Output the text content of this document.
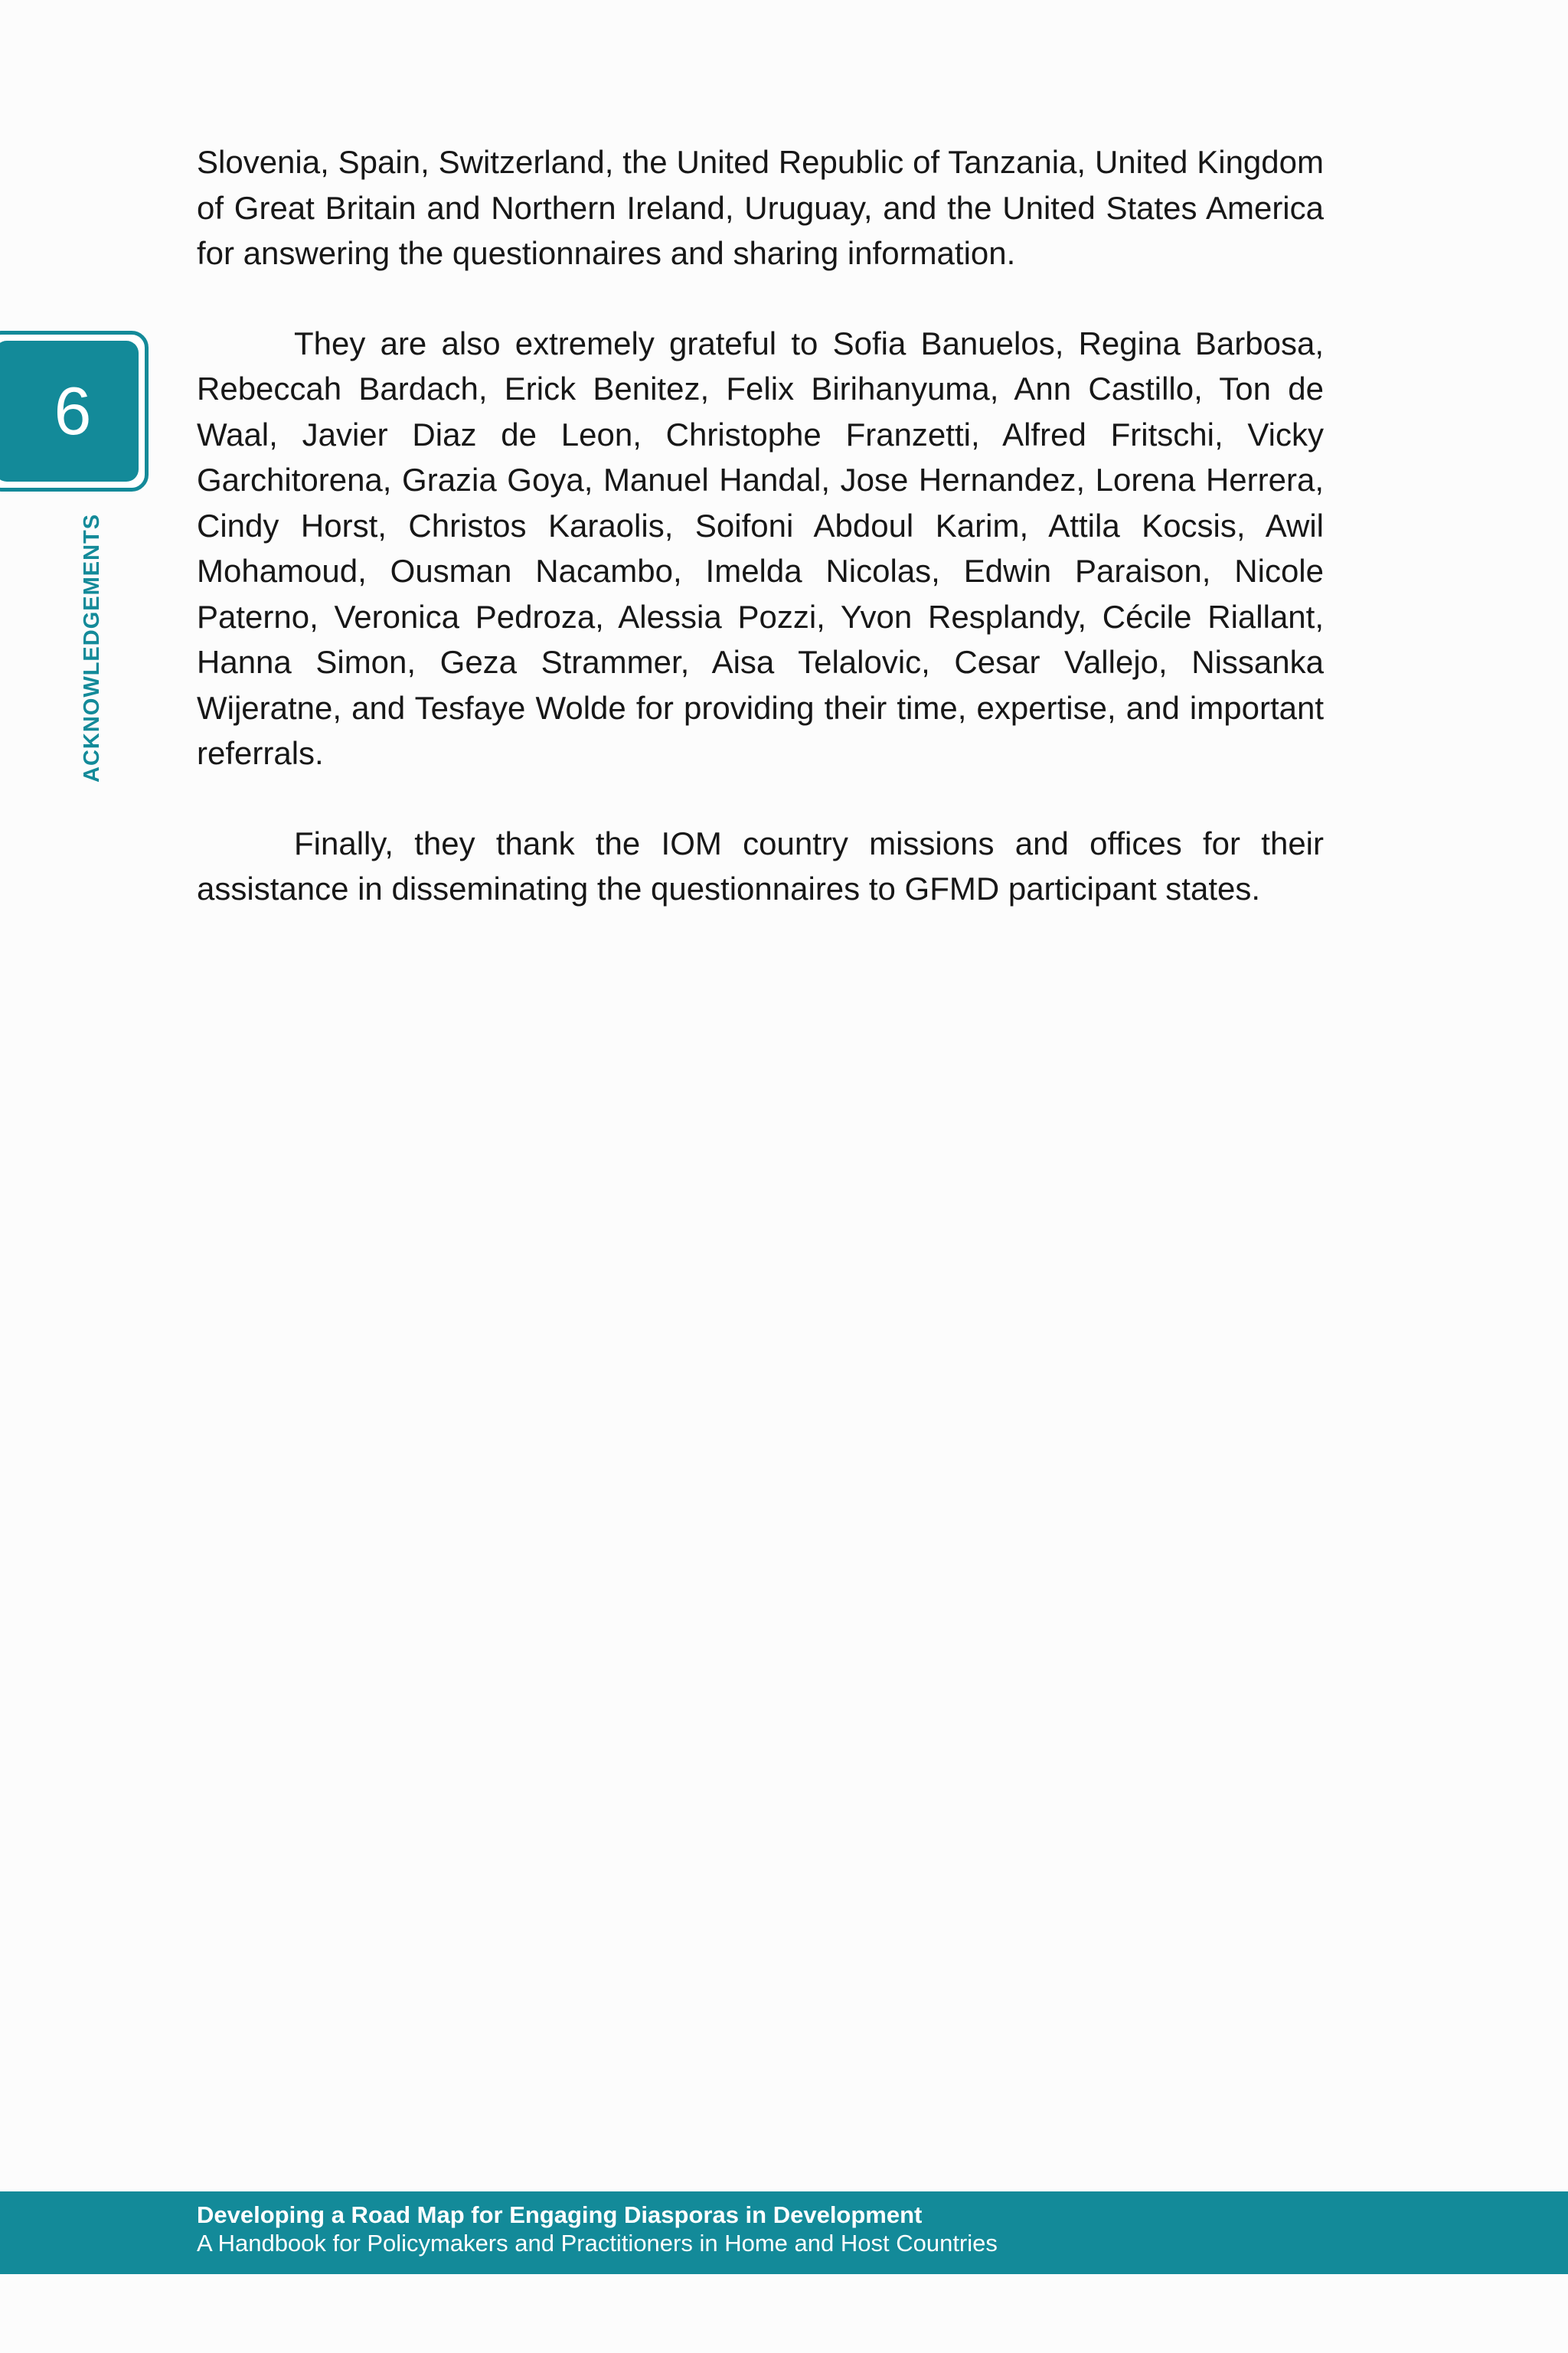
6
ACKNOWLEDGEMENTS

Slovenia, Spain, Switzerland, the United Republic of Tanzania, United Kingdom of Great Britain and Northern Ireland, Uruguay, and the United States America for answering the questionnaires and sharing information.

They are also extremely grateful to Sofia Banuelos, Regina Barbosa, Rebeccah Bardach, Erick Benitez, Felix Birihanyuma, Ann Castillo, Ton de Waal, Javier Diaz de Leon, Christophe Franzetti, Alfred Fritschi, Vicky Garchitorena, Grazia Goya, Manuel Handal, Jose Hernandez, Lorena Herrera, Cindy Horst, Christos Karaolis, Soifoni Abdoul Karim, Attila Kocsis, Awil Mohamoud, Ousman Nacambo, Imelda Nicolas, Edwin Paraison, Nicole Paterno, Veronica Pedroza, Alessia Pozzi, Yvon Resplandy, Cécile Riallant, Hanna Simon, Geza Strammer, Aisa Telalovic, Cesar Vallejo, Nissanka Wijeratne, and Tesfaye Wolde for providing their time, expertise, and important referrals.

Finally, they thank the IOM country missions and offices for their assistance in disseminating the questionnaires to GFMD participant states.

Developing a Road Map for Engaging Diasporas in Development
A Handbook for Policymakers and Practitioners in Home and Host Countries
